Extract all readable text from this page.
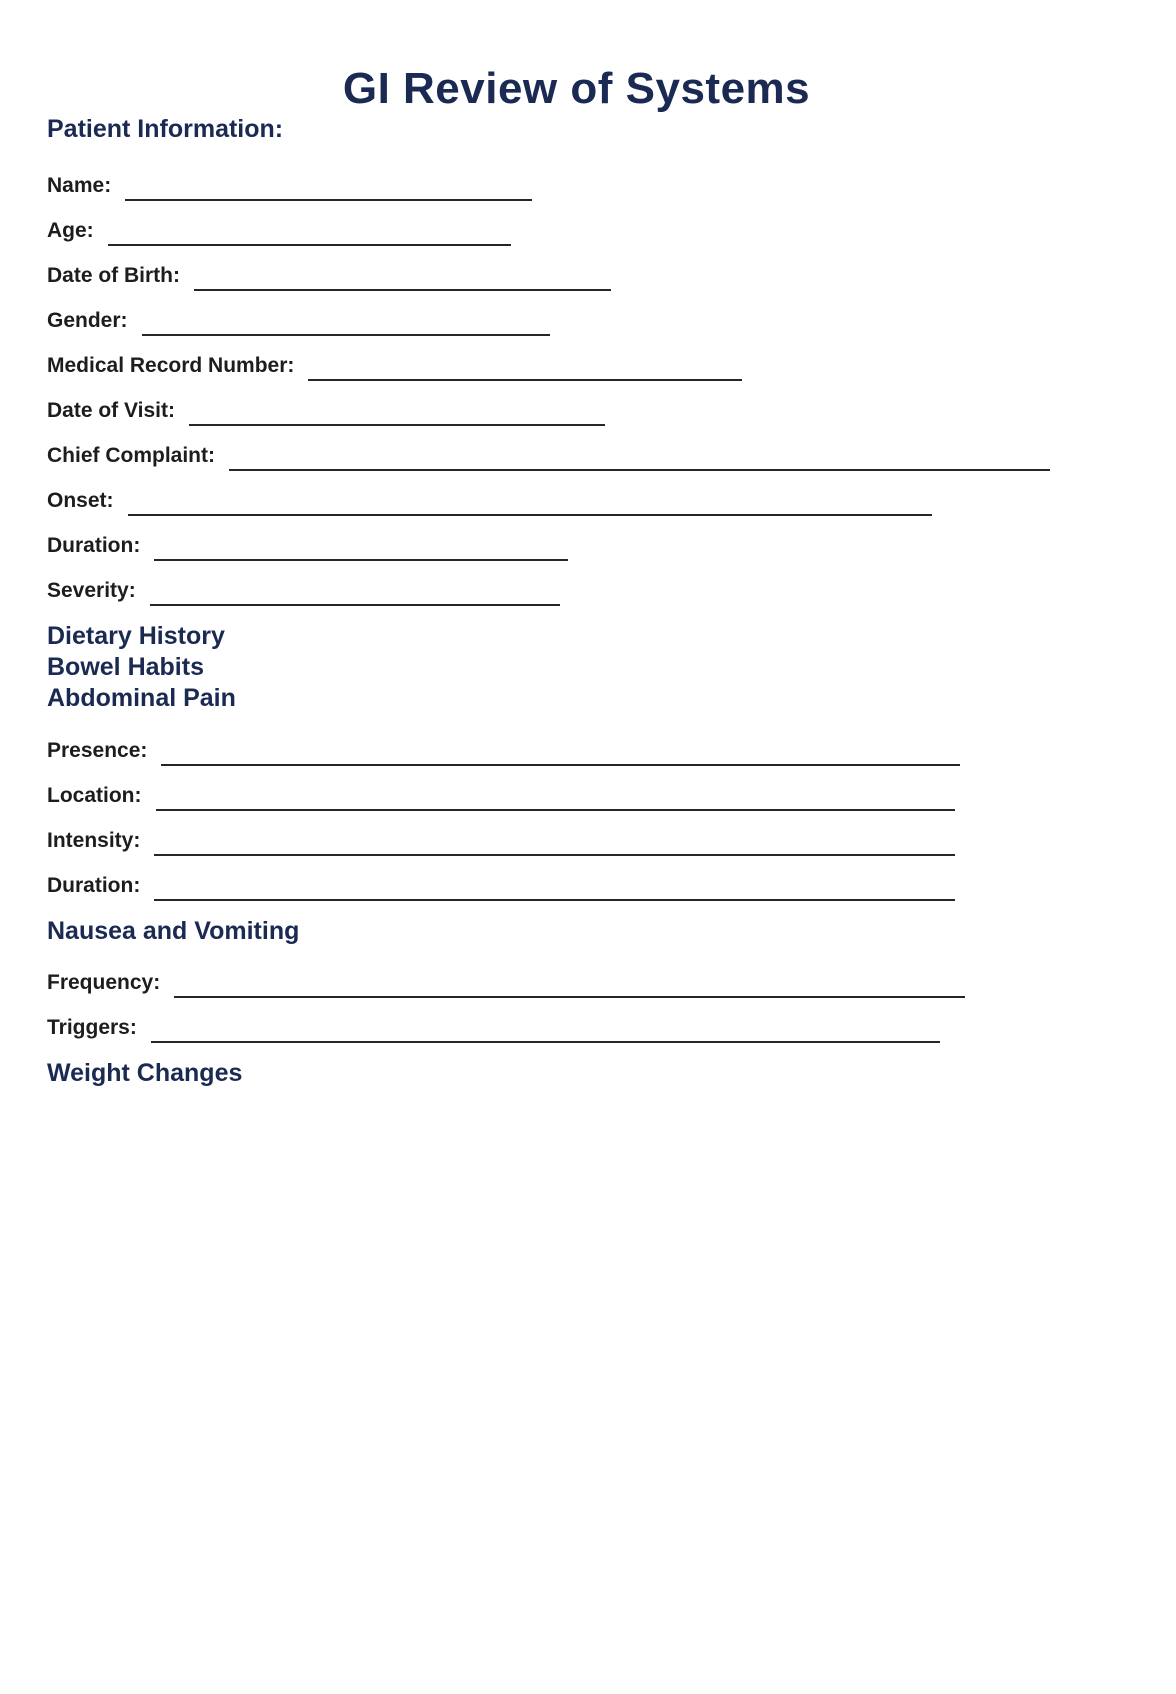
GI Review of Systems
Patient Information:
Name:
Age:
Date of Birth:
Gender:
Medical Record Number:
Date of Visit:
Chief Complaint:
Onset:
Duration:
Severity:
Dietary History
Bowel Habits
Abdominal Pain
Presence:
Location:
Intensity:
Duration:
Nausea and Vomiting
Frequency:
Triggers:
Weight Changes
